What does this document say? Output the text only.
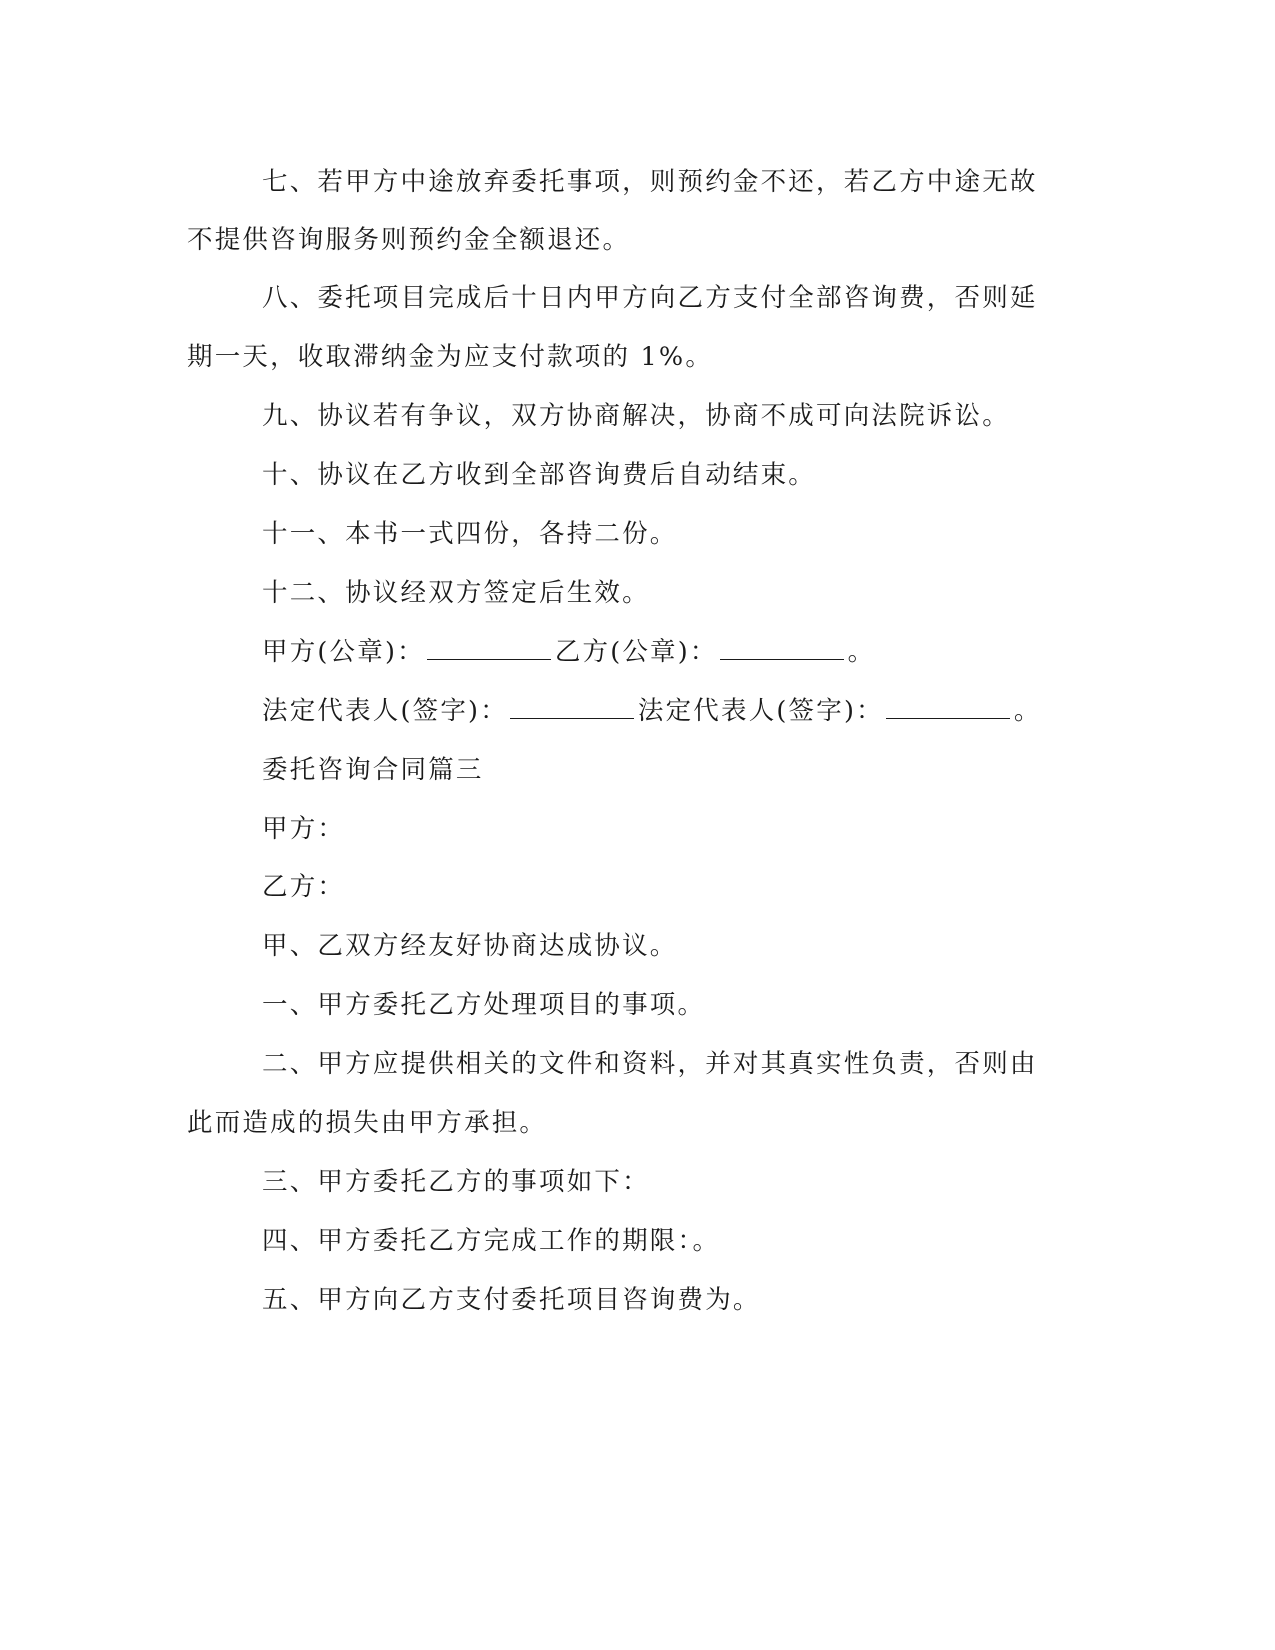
七、若甲方中途放弃委托事项，则预约金不还，若乙方中途无故
不提供咨询服务则预约金全额退还。
八、委托项目完成后十日内甲方向乙方支付全部咨询费，否则延
期一天，收取滞纳金为应支付款项的 1%。
九、协议若有争议，双方协商解决，协商不成可向法院诉讼。
十、协议在乙方收到全部咨询费后自动结束。
十一、本书一式四份，各持二份。
十二、协议经双方签定后生效。
甲方(公章)：	乙方(公章)：	。
法定代表人(签字)：	法定代表人(签字)：	。
委托咨询合同篇三
甲方：
乙方：
甲、乙双方经友好协商达成协议。
一、甲方委托乙方处理项目的事项。
二、甲方应提供相关的文件和资料，并对其真实性负责，否则由
此而造成的损失由甲方承担。
三、甲方委托乙方的事项如下：
四、甲方委托乙方完成工作的期限：。
五、甲方向乙方支付委托项目咨询费为。
